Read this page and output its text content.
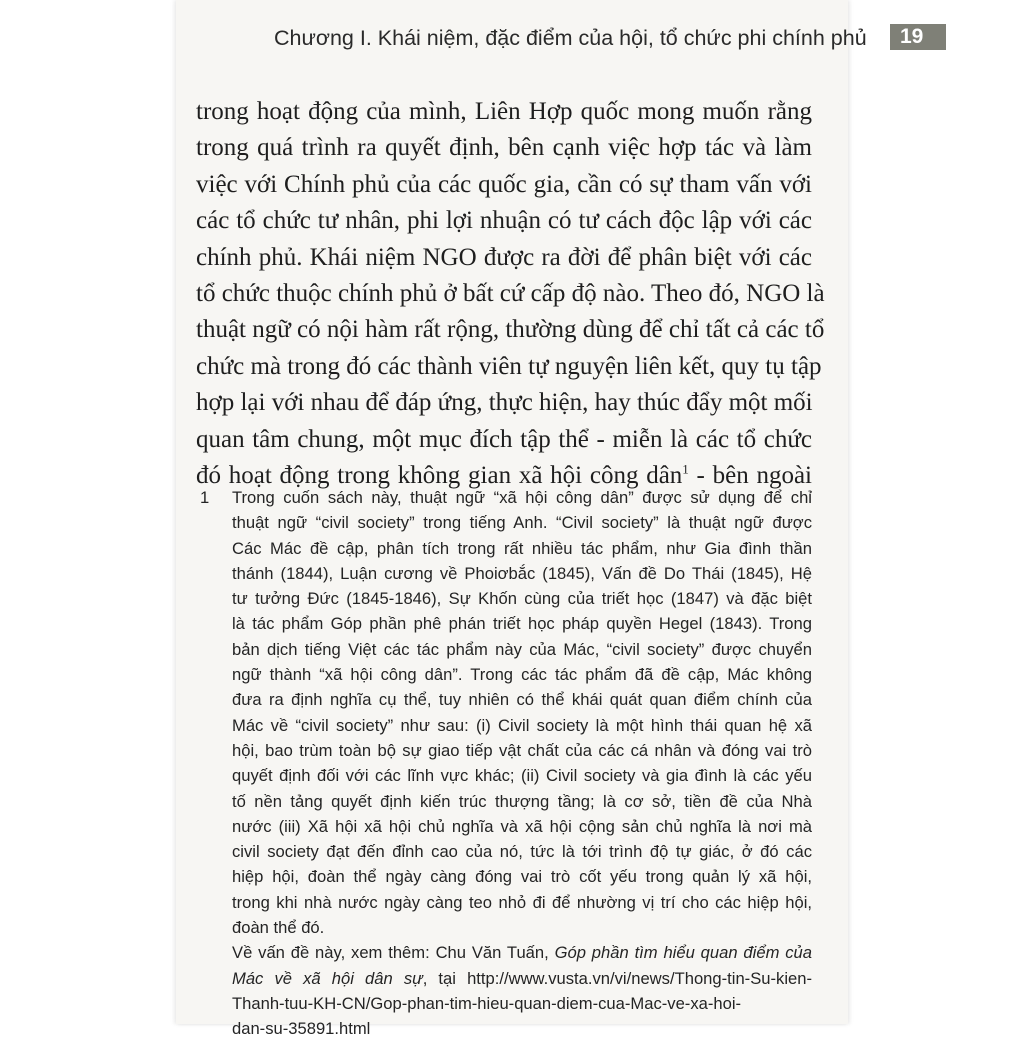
Chương I. Khái niệm, đặc điểm của hội, tổ chức phi chính phủ	19
trong hoạt động của mình, Liên Hợp quốc mong muốn rằng
trong quá trình ra quyết định, bên cạnh việc hợp tác và làm
việc với Chính phủ của các quốc gia, cần có sự tham vấn với
các tổ chức tư nhân, phi lợi nhuận có tư cách độc lập với các
chính phủ. Khái niệm NGO được ra đời để phân biệt với các
tổ chức thuộc chính phủ ở bất cứ cấp độ nào. Theo đó, NGO là
thuật ngữ có nội hàm rất rộng, thường dùng để chỉ tất cả các tổ
chức mà trong đó các thành viên tự nguyện liên kết, quy tụ tập
hợp lại với nhau để đáp ứng, thực hiện, hay thúc đẩy một mối
quan tâm chung, một mục đích tập thể - miễn là các tổ chức
đó hoạt động trong không gian xã hội công dân$^1$ - bên ngoài
1 Trong cuốn sách này, thuật ngữ “xã hội công dân” được sử dụng để chỉ
thuật ngữ “civil society” trong tiếng Anh. “Civil society” là thuật ngữ được
Các Mác đề cập, phân tích trong rất nhiều tác phẩm, như Gia đình thần
thánh (1844), Luận cương về Phoiơbắc (1845), Vấn đề Do Thái (1845), Hệ
tư tưởng Đức (1845-1846), Sự Khốn cùng của triết học (1847) và đặc biệt
là tác phẩm Góp phần phê phán triết học pháp quyền Hegel (1843). Trong
bản dịch tiếng Việt các tác phẩm này của Mác, “civil society” được chuyển
ngữ thành “xã hội công dân”. Trong các tác phẩm đã đề cập, Mác không
đưa ra định nghĩa cụ thể, tuy nhiên có thể khái quát quan điểm chính của
Mác về “civil society” như sau: (i) Civil society là một hình thái quan hệ xã
hội, bao trùm toàn bộ sự giao tiếp vật chất của các cá nhân và đóng vai trò
quyết định đối với các lĩnh vực khác; (ii) Civil society và gia đình là các yếu
tố nền tảng quyết định kiến trúc thượng tầng; là cơ sở, tiền đề của Nhà
nước (iii) Xã hội xã hội chủ nghĩa và xã hội cộng sản chủ nghĩa là nơi mà
civil society đạt đến đỉnh cao của nó, tức là tới trình độ tự giác, ở đó các
hiệp hội, đoàn thể ngày càng đóng vai trò cốt yếu trong quản lý xã hội,
trong khi nhà nước ngày càng teo nhỏ đi để nhường vị trí cho các hiệp hội,
đoàn thể đó.
Về vấn đề này, xem thêm: Chu Văn Tuấn, Góp phần tìm hiểu quan điểm của
Mác về xã hội dân sự, tại http://www.vusta.vn/vi/news/Thong-tin-Su-kien-
Thanh-tuu-KH-CN/Gop-phan-tim-hieu-quan-diem-cua-Mac-ve-xa-hoi-
dan-su-35891.html
